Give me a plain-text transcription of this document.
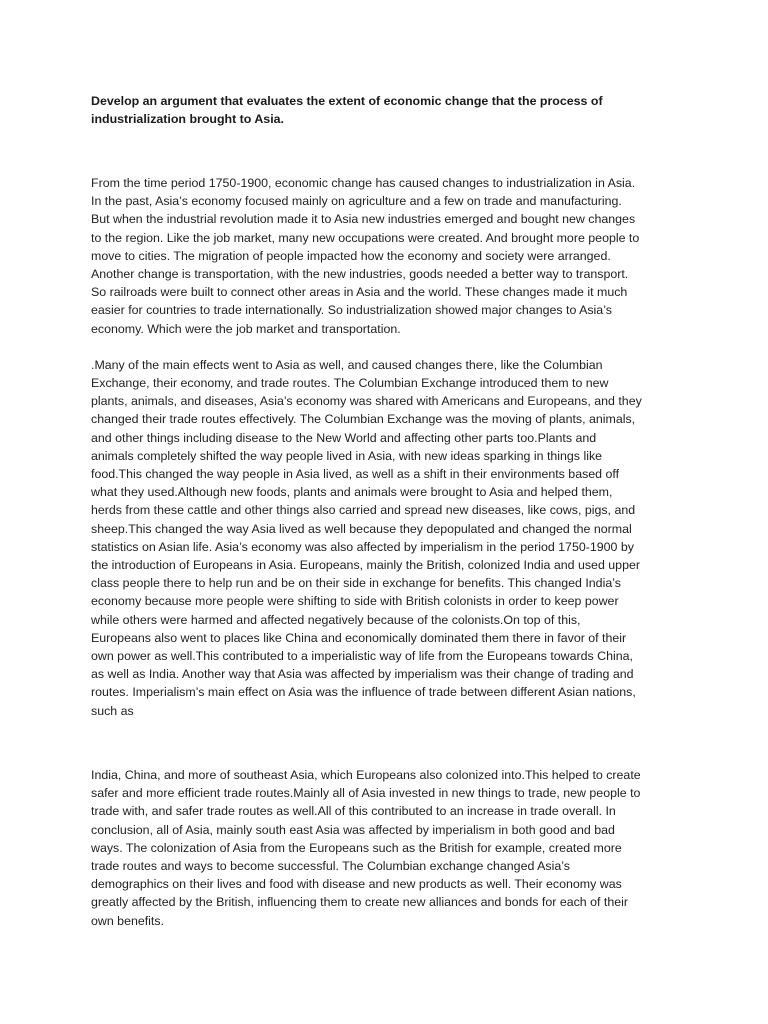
Develop an argument that evaluates the extent of economic change that the process of
industrialization brought to Asia.
From the time period 1750-1900, economic change has caused changes to industrialization in Asia.
In the past, Asia’s economy focused mainly on agriculture and a few on trade and manufacturing.
But when the industrial revolution made it to Asia new industries emerged and bought new changes
to the region. Like the job market, many new occupations were created. And brought more people to
move to cities. The migration of people impacted how the economy and society were arranged.
Another change is transportation, with the new industries, goods needed a better way to transport.
So railroads were built to connect other areas in Asia and the world. These changes made it much
easier for countries to trade internationally. So industrialization showed major changes to Asia’s
economy. Which were the job market and transportation.
.Many of the main effects went to Asia as well, and caused changes there, like the Columbian
Exchange, their economy, and trade routes. The Columbian Exchange introduced them to new
plants, animals, and diseases, Asia’s economy was shared with Americans and Europeans, and they
changed their trade routes effectively. The Columbian Exchange was the moving of plants, animals,
and other things including disease to the New World and affecting other parts too.Plants and
animals completely shifted the way people lived in Asia, with new ideas sparking in things like
food.This changed the way people in Asia lived, as well as a shift in their environments based off
what they used.Although new foods, plants and animals were brought to Asia and helped them,
herds from these cattle and other things also carried and spread new diseases, like cows, pigs, and
sheep.This changed the way Asia lived as well because they depopulated and changed the normal
statistics on Asian life. Asia’s economy was also affected by imperialism in the period 1750-1900 by
the introduction of Europeans in Asia. Europeans, mainly the British, colonized India and used upper
class people there to help run and be on their side in exchange for benefits. This changed India’s
economy because more people were shifting to side with British colonists in order to keep power
while others were harmed and affected negatively because of the colonists.On top of this,
Europeans also went to places like China and economically dominated them there in favor of their
own power as well.This contributed to a imperialistic way of life from the Europeans towards China,
as well as India. Another way that Asia was affected by imperialism was their change of trading and
routes. Imperialism’s main effect on Asia was the influence of trade between different Asian nations,
such as
India, China, and more of southeast Asia, which Europeans also colonized into.This helped to create
safer and more efficient trade routes.Mainly all of Asia invested in new things to trade, new people to
trade with, and safer trade routes as well.All of this contributed to an increase in trade overall. In
conclusion, all of Asia, mainly south east Asia was affected by imperialism in both good and bad
ways. The colonization of Asia from the Europeans such as the British for example, created more
trade routes and ways to become successful. The Columbian exchange changed Asia’s
demographics on their lives and food with disease and new products as well. Their economy was
greatly affected by the British, influencing them to create new alliances and bonds for each of their
own benefits.
